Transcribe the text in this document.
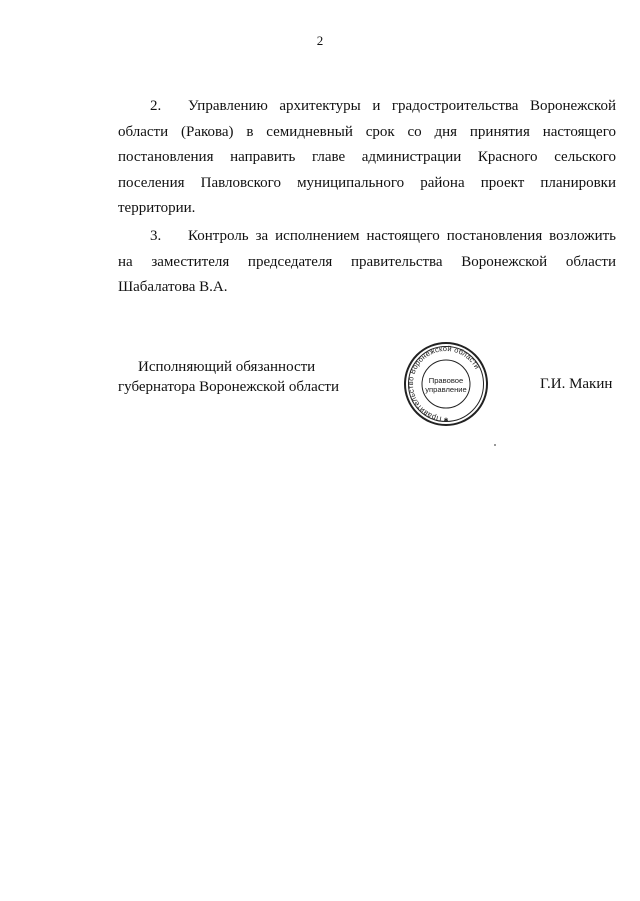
2
2. Управлению архитектуры и градостроительства Воронежской
области (Ракова) в семидневный срок со дня принятия настоящего
постановления направить главе администрации Красного сельского
поселения Павловского муниципального района проект планировки
территории.
3. Контроль за исполнением настоящего постановления возложить
на заместителя председателя правительства Воронежской области
Шабалатова В.А.
Исполняющий обязанности
губернатора Воронежской области
Правительство Воронежской области
Правовое
управление
✱
Г.И. Макин
